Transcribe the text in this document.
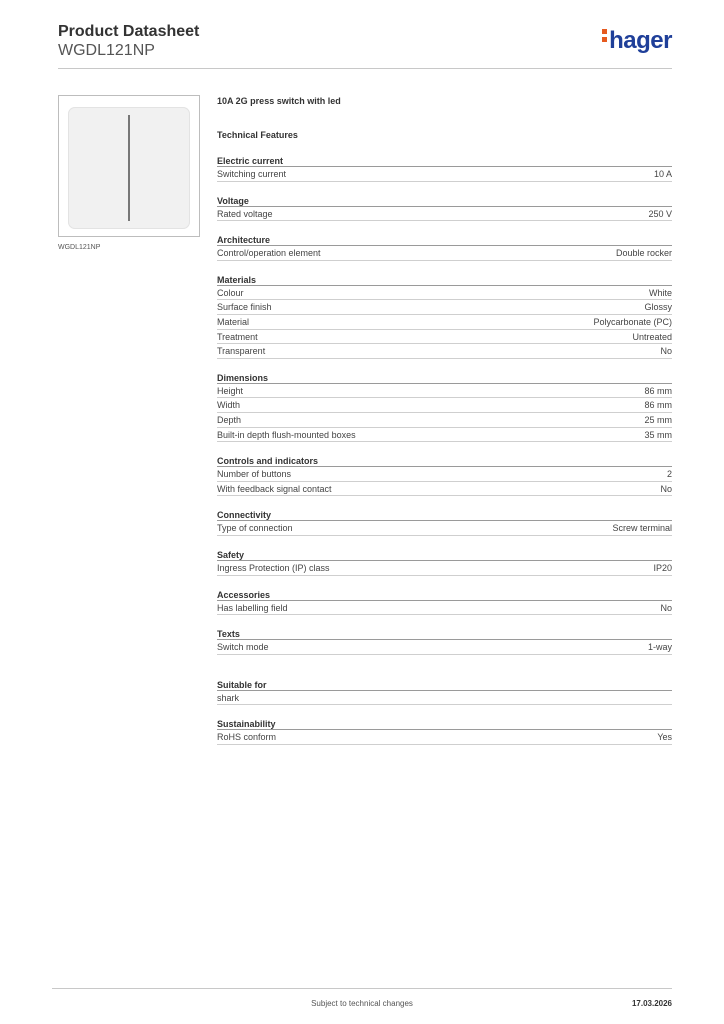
Product Datasheet
WGDL121NP	hager
WGDL121NP
10A 2G press switch with led
Technical Features
Electric current
Switching current	10 A
Voltage
Rated voltage	250 V
Architecture
Control/operation element	Double rocker
Materials
Colour	White
Surface finish	Glossy
Material	Polycarbonate (PC)
Treatment	Untreated
Transparent	No
Dimensions
Height	86 mm
Width	86 mm
Depth	25 mm
Built-in depth flush-mounted boxes	35 mm
Controls and indicators
Number of buttons	2
With feedback signal contact	No
Connectivity
Type of connection	Screw terminal
Safety
Ingress Protection (IP) class	IP20
Accessories
Has labelling field	No
Texts
Switch mode	1-way
Suitable for
shark
Sustainability
RoHS conform	Yes
Subject to technical changes	17.03.2026
